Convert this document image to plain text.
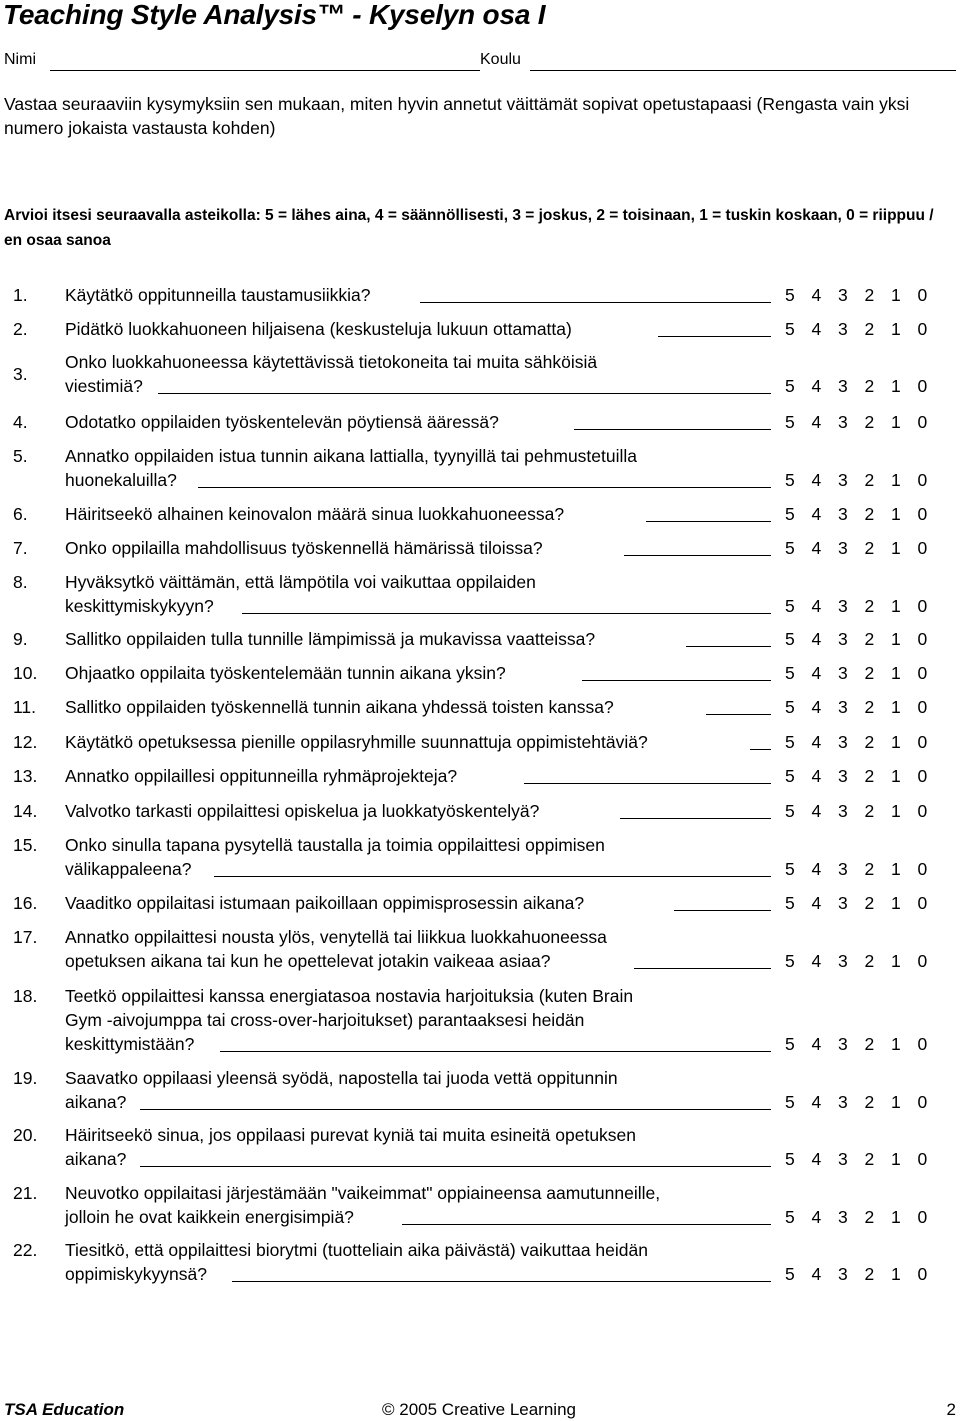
Teaching Style Analysis™ - Kyselyn osa I
Nimi	Koulu

Vastaa seuraaviin kysymyksiin sen mukaan, miten hyvin annetut väittämät sopivat opetustapaasi (Rengasta vain yksi numero jokaista vastausta kohden)

Arvioi itsesi seuraavalla asteikolla: 5 = lähes aina, 4 = säännöllisesti, 3 = joskus, 2 = toisinaan, 1 = tuskin koskaan, 0 = riippuu / en osaa sanoa

1. Käytätkö oppitunneilla taustamusiikkia?	5 4 3 2 1 0
2. Pidätkö luokkahuoneen hiljaisena (keskusteluja lukuun ottamatta)	5 4 3 2 1 0
3.
Onko luokkahuoneessa käytettävissä tietokoneita tai muita sähköisiä
viestimiä?	5 4 3 2 1 0
4. Odotatko oppilaiden työskentelevän pöytiensä ääressä?	5 4 3 2 1 0
5. Annatko oppilaiden istua tunnin aikana lattialla, tyynyillä tai pehmustetuilla
huonekaluilla?	5 4 3 2 1 0
6. Häiritseekö alhainen keinovalon määrä sinua luokkahuoneessa?	5 4 3 2 1 0
7. Onko oppilailla mahdollisuus työskennellä hämärissä tiloissa?	5 4 3 2 1 0
8. Hyväksytkö väittämän, että lämpötila voi vaikuttaa oppilaiden
keskittymiskykyyn?	5 4 3 2 1 0
9. Sallitko oppilaiden tulla tunnille lämpimissä ja mukavissa vaatteissa?	5 4 3 2 1 0
10. Ohjaatko oppilaita työskentelemään tunnin aikana yksin?	5 4 3 2 1 0
11. Sallitko oppilaiden työskennellä tunnin aikana yhdessä toisten kanssa?	5 4 3 2 1 0
12. Käytätkö opetuksessa pienille oppilasryhmille suunnattuja oppimistehtäviä?	5 4 3 2 1 0
13. Annatko oppilaillesi oppitunneilla ryhmäprojekteja?	5 4 3 2 1 0
14. Valvotko tarkasti oppilaittesi opiskelua ja luokkatyöskentelyä?	5 4 3 2 1 0
15. Onko sinulla tapana pysytellä taustalla ja toimia oppilaittesi oppimisen
välikappaleena?	5 4 3 2 1 0
16. Vaaditko oppilaitasi istumaan paikoillaan oppimisprosessin aikana?	5 4 3 2 1 0
17. Annatko oppilaittesi nousta ylös, venytellä tai liikkua luokkahuoneessa
opetuksen aikana tai kun he opettelevat jotakin vaikeaa asiaa?	5 4 3 2 1 0
18. Teetkö oppilaittesi kanssa energiatasoa nostavia harjoituksia (kuten Brain
Gym -aivojumppa tai cross-over-harjoitukset) parantaaksesi heidän
keskittymistään?	5 4 3 2 1 0
19. Saavatko oppilaasi yleensä syödä, napostella tai juoda vettä oppitunnin
aikana?	5 4 3 2 1 0
20. Häiritseekö sinua, jos oppilaasi purevat kyniä tai muita esineitä opetuksen
aikana?	5 4 3 2 1 0
21. Neuvotko oppilaitasi järjestämään "vaikeimmat" oppiaineensa aamutunneille,
jolloin he ovat kaikkein energisimpiä?	5 4 3 2 1 0
22. Tiesitkö, että oppilaittesi biorytmi (tuotteliain aika päivästä) vaikuttaa heidän
oppimiskykyynsä?	5 4 3 2 1 0
TSA Education	© 2005 Creative Learning	2
